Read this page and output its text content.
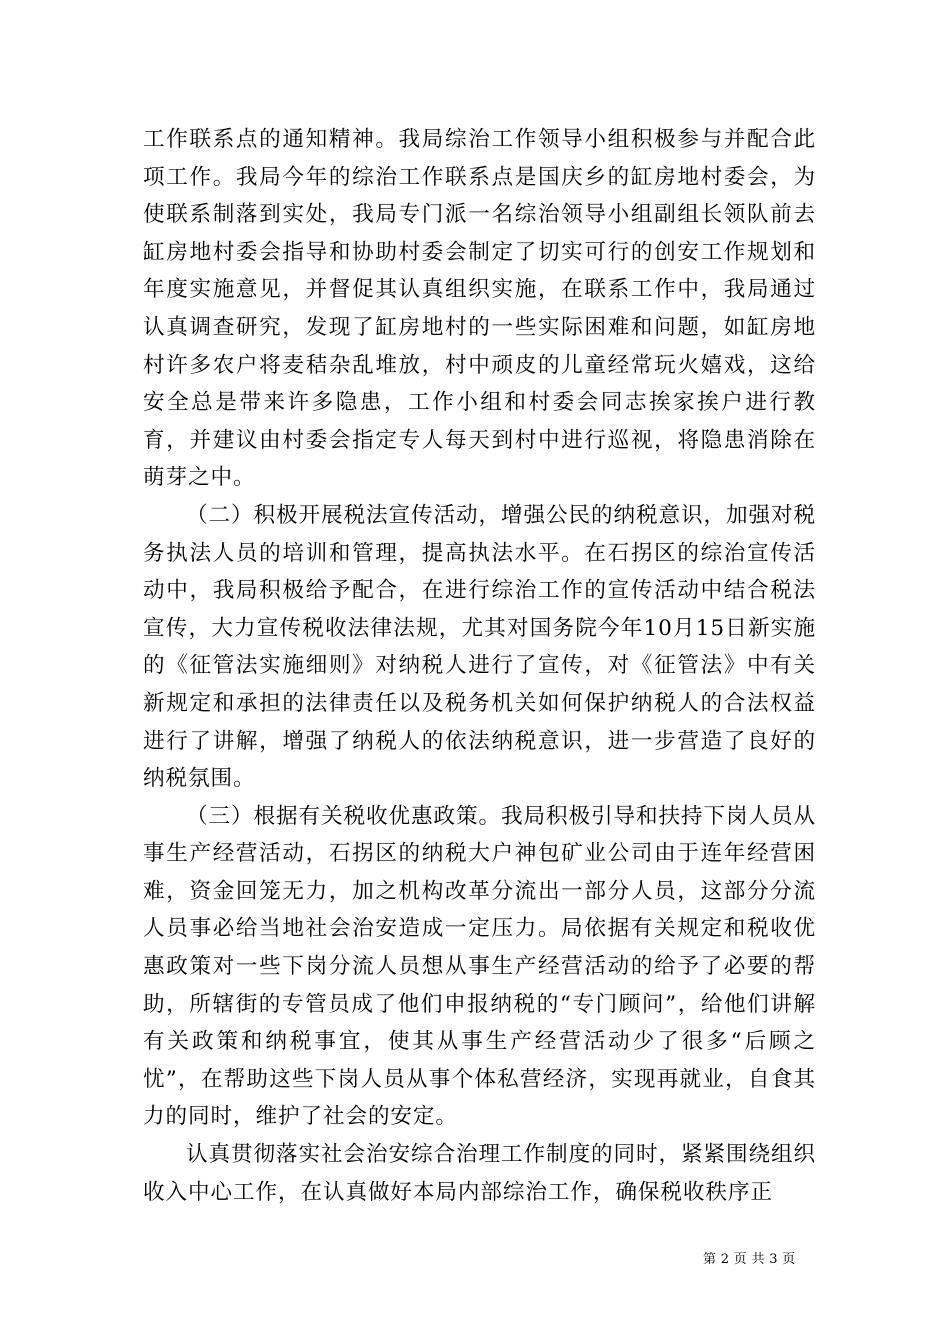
工作联系点的通知精神。我局综治工作领导小组积极参与并配合此项工作。我局今年的综治工作联系点是国庆乡的缸房地村委会，为使联系制落到实处，我局专门派一名综治领导小组副组长领队前去缸房地村委会指导和协助村委会制定了切实可行的创安工作规划和年度实施意见，并督促其认真组织实施，在联系工作中，我局通过认真调查研究，发现了缸房地村的一些实际困难和问题，如缸房地村许多农户将麦秸杂乱堆放，村中顽皮的儿童经常玩火嬉戏，这给安全总是带来许多隐患，工作小组和村委会同志挨家挨户进行教育，并建议由村委会指定专人每天到村中进行巡视，将隐患消除在萌芽之中。

（二）积极开展税法宣传活动，增强公民的纳税意识，加强对税务执法人员的培训和管理，提高执法水平。在石拐区的综治宣传活动中，我局积极给予配合，在进行综治工作的宣传活动中结合税法宣传，大力宣传税收法律法规，尤其对国务院今年10月15日新实施的《征管法实施细则》对纳税人进行了宣传，对《征管法》中有关新规定和承担的法律责任以及税务机关如何保护纳税人的合法权益进行了讲解，增强了纳税人的依法纳税意识，进一步营造了良好的纳税氛围。

（三）根据有关税收优惠政策。我局积极引导和扶持下岗人员从事生产经营活动，石拐区的纳税大户神包矿业公司由于连年经营困难，资金回笼无力，加之机构改革分流出一部分人员，这部分分流人员事必给当地社会治安造成一定压力。局依据有关规定和税收优惠政策对一些下岗分流人员想从事生产经营活动的给予了必要的帮助，所辖街的专管员成了他们申报纳税的“专门顾问”，给他们讲解有关政策和纳税事宜，使其从事生产经营活动少了很多“后顾之忧”，在帮助这些下岗人员从事个体私营经济，实现再就业，自食其力的同时，维护了社会的安定。

认真贯彻落实社会治安综合治理工作制度的同时，紧紧围绕组织收入中心工作，在认真做好本局内部综治工作，确保税收秩序正

第 2 页 共 3 页
